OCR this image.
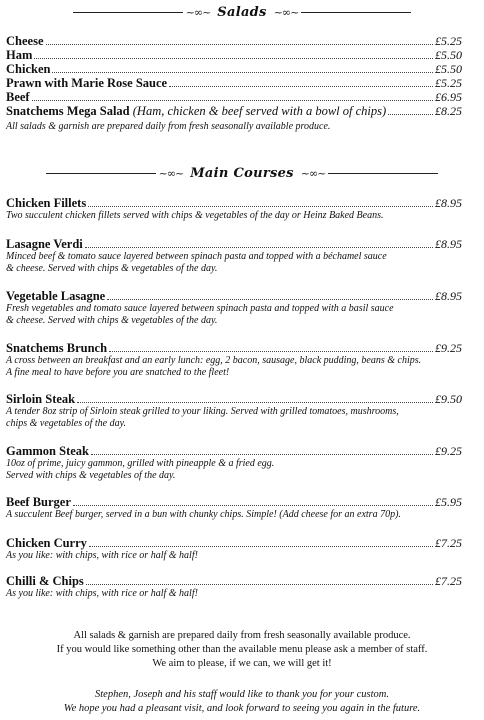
~∞~ Salads ~∞~
Cheese	£5.25
Ham	£5.50
Chicken	£5.50
Prawn with Marie Rose Sauce	£5.25
Beef	£6.95
Snatchems Mega Salad (Ham, chicken & beef served with a bowl of chips)	£8.25
All salads & garnish are prepared daily from fresh seasonally available produce.
~∞~ Main Courses ~∞~
Chicken Fillets	£8.95
Two succulent chicken fillets served with chips & vegetables of the day or Heinz Baked Beans.
Lasagne Verdi	£8.95
Minced beef & tomato sauce layered between spinach pasta and topped with a béchamel sauce
& cheese. Served with chips & vegetables of the day.
Vegetable Lasagne	£8.95
Fresh vegetables and tomato sauce layered between spinach pasta and topped with a basil sauce
& cheese. Served with chips & vegetables of the day.
Snatchems Brunch	£9.25
A cross between an breakfast and an early lunch: egg, 2 bacon, sausage, black pudding, beans & chips.
A fine meal to have before you are snatched to the fleet!
Sirloin Steak	£9.50
A tender 8oz strip of Sirloin steak grilled to your liking. Served with grilled tomatoes, mushrooms,
chips & vegetables of the day.
Gammon Steak	£9.25
10oz of prime, juicy gammon, grilled with pineapple & a fried egg.
Served with chips & vegetables of the day.
Beef Burger	£5.95
A succulent Beef burger, served in a bun with chunky chips. Simple! (Add cheese for an extra 70p).
Chicken Curry	£7.25
As you like: with chips, with rice or half & half!
Chilli & Chips	£7.25
As you like: with chips, with rice or half & half!
All salads & garnish are prepared daily from fresh seasonally available produce.
If you would like something other than the available menu please ask a member of staff.
We aim to please, if we can, we will get it!
Stephen, Joseph and his staff would like to thank you for your custom.
We hope you had a pleasant visit, and look forward to seeing you again in the future.
